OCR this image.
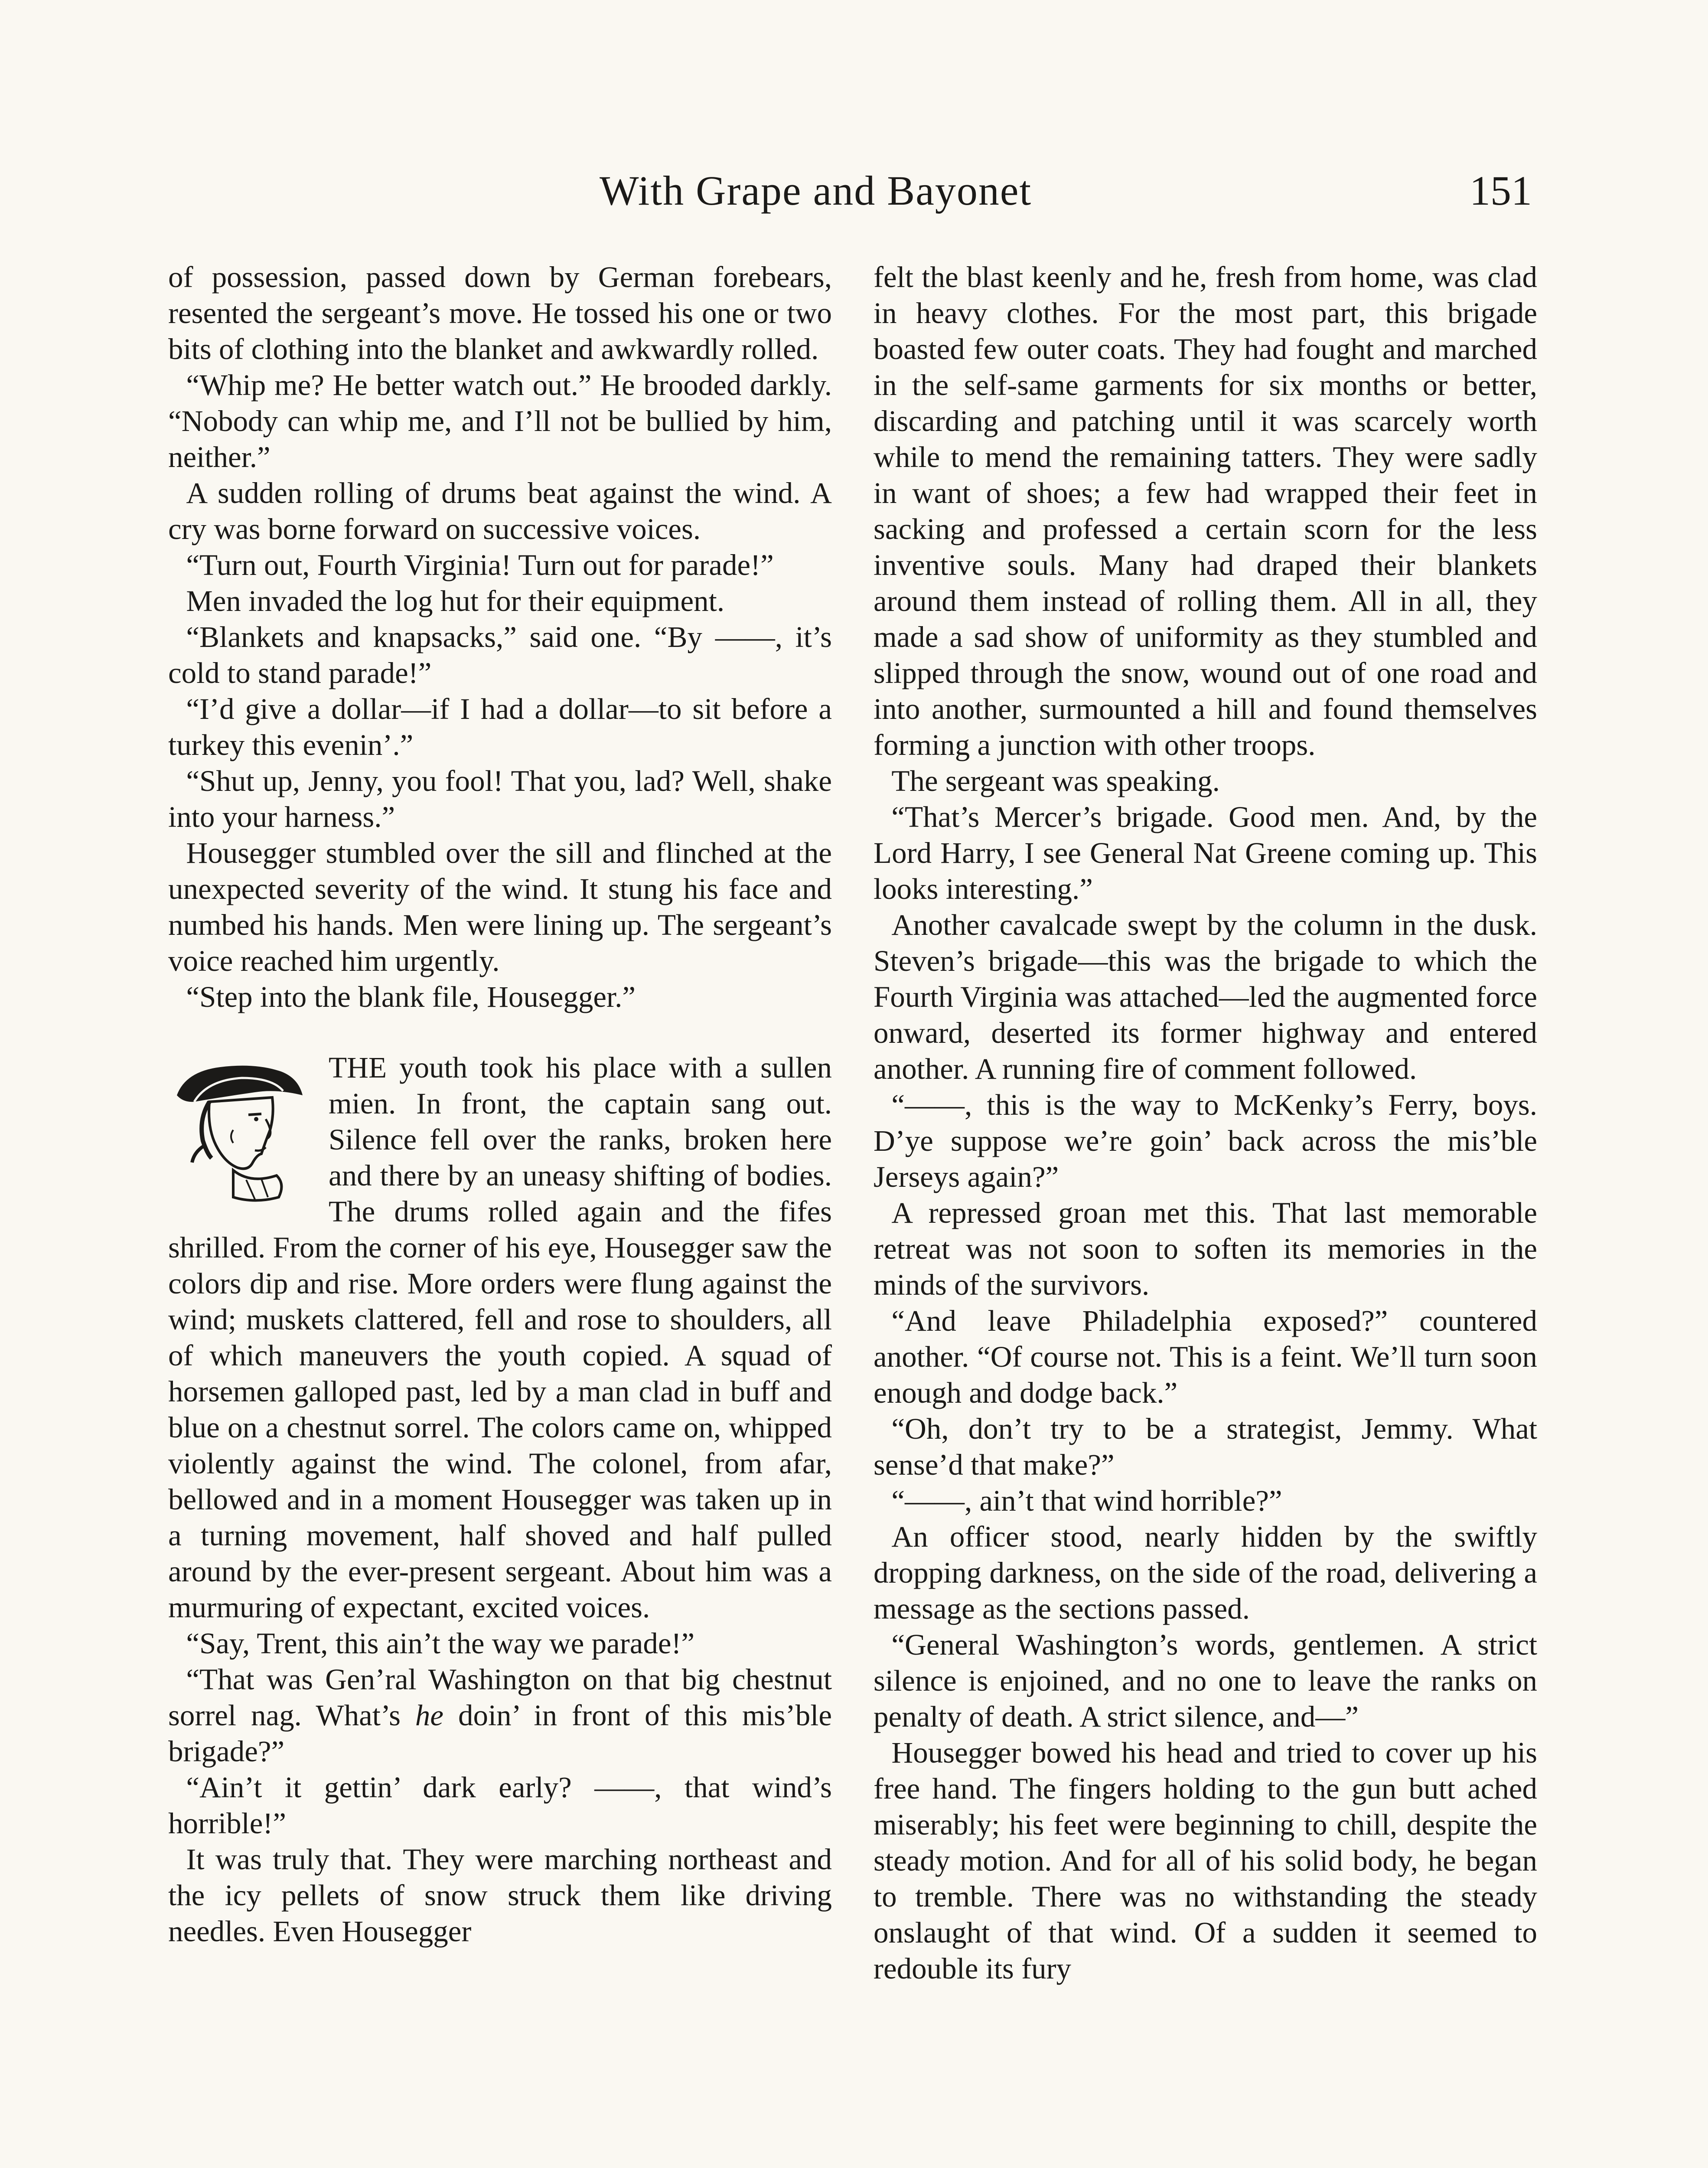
With Grape and Bayonet	151

of possession, passed down by German forebears, resented the sergeant’s move. He tossed his one or two bits of clothing into the blanket and awkwardly rolled.

“Whip me? He better watch out.” He brooded darkly. “Nobody can whip me, and I’ll not be bullied by him, neither.”

A sudden rolling of drums beat against the wind. A cry was borne forward on successive voices.

“Turn out, Fourth Virginia! Turn out for parade!”

Men invaded the log hut for their equipment.

“Blankets and knapsacks,” said one. “By ——, it’s cold to stand parade!”

“I’d give a dollar—if I had a dollar—to sit before a turkey this evenin’.”

“Shut up, Jenny, you fool! That you, lad? Well, shake into your harness.”

Housegger stumbled over the sill and flinched at the unexpected severity of the wind. It stung his face and numbed his hands. Men were lining up. The sergeant’s voice reached him urgently.

“Step into the blank file, Housegger.”

THE youth took his place with a sullen mien. In front, the captain sang out. Silence fell over the ranks, broken here and there by an uneasy shifting of bodies. The drums rolled again and the fifes shrilled. From the corner of his eye, Housegger saw the colors dip and rise. More orders were flung against the wind; muskets clattered, fell and rose to shoulders, all of which maneuvers the youth copied. A squad of horsemen galloped past, led by a man clad in buff and blue on a chestnut sorrel. The colors came on, whipped violently against the wind. The colonel, from afar, bellowed and in a moment Housegger was taken up in a turning movement, half shoved and half pulled around by the ever-present sergeant. About him was a murmuring of expectant, excited voices.

“Say, Trent, this ain’t the way we parade!”

“That was Gen’ral Washington on that big chestnut sorrel nag. What’s he doin’ in front of this mis’ble brigade?”

“Ain’t it gettin’ dark early? ——, that wind’s horrible!”

It was truly that. They were marching northeast and the icy pellets of snow struck them like driving needles. Even Housegger

felt the blast keenly and he, fresh from home, was clad in heavy clothes. For the most part, this brigade boasted few outer coats. They had fought and marched in the self-same garments for six months or better, discarding and patching until it was scarcely worth while to mend the remaining tatters. They were sadly in want of shoes; a few had wrapped their feet in sacking and professed a certain scorn for the less inventive souls. Many had draped their blankets around them instead of rolling them. All in all, they made a sad show of uniformity as they stumbled and slipped through the snow, wound out of one road and into another, surmounted a hill and found themselves forming a junction with other troops.

The sergeant was speaking.

“That’s Mercer’s brigade. Good men. And, by the Lord Harry, I see General Nat Greene coming up. This looks interesting.”

Another cavalcade swept by the column in the dusk. Steven’s brigade—this was the brigade to which the Fourth Virginia was attached—led the augmented force onward, deserted its former highway and entered another. A running fire of comment followed.

“——, this is the way to McKenky’s Ferry, boys. D’ye suppose we’re goin’ back across the mis’ble Jerseys again?”

A repressed groan met this. That last memorable retreat was not soon to soften its memories in the minds of the survivors.

“And leave Philadelphia exposed?” countered another. “Of course not. This is a feint. We’ll turn soon enough and dodge back.”

“Oh, don’t try to be a strategist, Jemmy. What sense’d that make?”

“——, ain’t that wind horrible?”

An officer stood, nearly hidden by the swiftly dropping darkness, on the side of the road, delivering a message as the sections passed.

“General Washington’s words, gentlemen. A strict silence is enjoined, and no one to leave the ranks on penalty of death. A strict silence, and—”

Housegger bowed his head and tried to cover up his free hand. The fingers holding to the gun butt ached miserably; his feet were beginning to chill, despite the steady motion. And for all of his solid body, he began to tremble. There was no withstanding the steady onslaught of that wind. Of a sudden it seemed to redouble its fury
